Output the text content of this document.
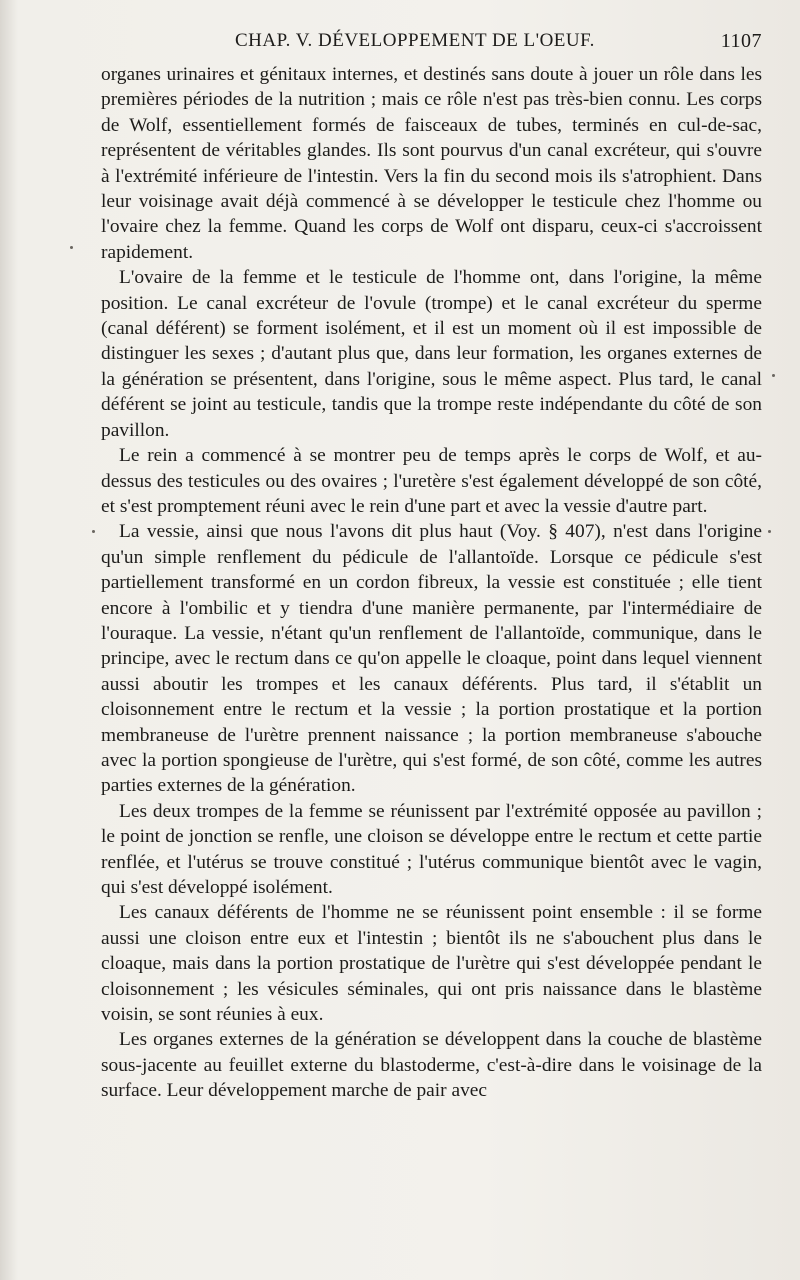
CHAP. V. DÉVELOPPEMENT DE L'OEUF.	1107

organes urinaires et génitaux internes, et destinés sans doute à jouer un rôle dans les premières périodes de la nutrition ; mais ce rôle n'est pas très-bien connu. Les corps de Wolf, essentiellement formés de faisceaux de tubes, terminés en cul-de-sac, représentent de véritables glandes. Ils sont pourvus d'un canal excréteur, qui s'ouvre à l'extrémité inférieure de l'intestin. Vers la fin du second mois ils s'atrophient. Dans leur voisinage avait déjà commencé à se développer le testicule chez l'homme ou l'ovaire chez la femme. Quand les corps de Wolf ont disparu, ceux-ci s'accroissent rapidement.

L'ovaire de la femme et le testicule de l'homme ont, dans l'origine, la même position. Le canal excréteur de l'ovule (trompe) et le canal excréteur du sperme (canal déférent) se forment isolément, et il est un moment où il est impossible de distinguer les sexes ; d'autant plus que, dans leur formation, les organes externes de la génération se présentent, dans l'origine, sous le même aspect. Plus tard, le canal déférent se joint au testicule, tandis que la trompe reste indépendante du côté de son pavillon.

Le rein a commencé à se montrer peu de temps après le corps de Wolf, et au-dessus des testicules ou des ovaires ; l'uretère s'est également développé de son côté, et s'est promptement réuni avec le rein d'une part et avec la vessie d'autre part.

La vessie, ainsi que nous l'avons dit plus haut (Voy. § 407), n'est dans l'origine qu'un simple renflement du pédicule de l'allantoïde. Lorsque ce pédicule s'est partiellement transformé en un cordon fibreux, la vessie est constituée ; elle tient encore à l'ombilic et y tiendra d'une manière permanente, par l'intermédiaire de l'ouraque. La vessie, n'étant qu'un renflement de l'allantoïde, communique, dans le principe, avec le rectum dans ce qu'on appelle le cloaque, point dans lequel viennent aussi aboutir les trompes et les canaux déférents. Plus tard, il s'établit un cloisonnement entre le rectum et la vessie ; la portion prostatique et la portion membraneuse de l'urètre prennent naissance ; la portion membraneuse s'abouche avec la portion spongieuse de l'urètre, qui s'est formé, de son côté, comme les autres parties externes de la génération.

Les deux trompes de la femme se réunissent par l'extrémité opposée au pavillon ; le point de jonction se renfle, une cloison se développe entre le rectum et cette partie renflée, et l'utérus se trouve constitué ; l'utérus communique bientôt avec le vagin, qui s'est développé isolément.

Les canaux déférents de l'homme ne se réunissent point ensemble : il se forme aussi une cloison entre eux et l'intestin ; bientôt ils ne s'abouchent plus dans le cloaque, mais dans la portion prostatique de l'urètre qui s'est développée pendant le cloisonnement ; les vésicules séminales, qui ont pris naissance dans le blastème voisin, se sont réunies à eux.

Les organes externes de la génération se développent dans la couche de blastème sous-jacente au feuillet externe du blastoderme, c'est-à-dire dans le voisinage de la surface. Leur développement marche de pair avec
